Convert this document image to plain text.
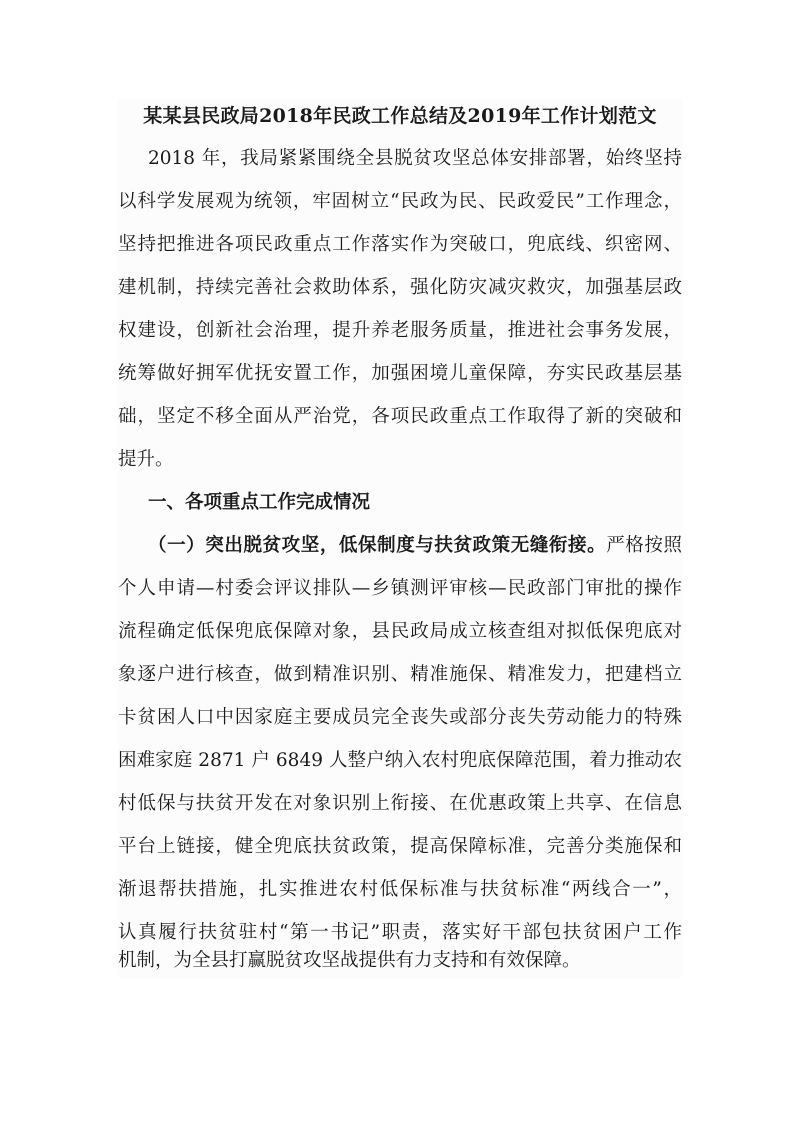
某某县民政局2018年民政工作总结及2019年工作计划范文
2018 年，我局紧紧围绕全县脱贫攻坚总体安排部署，始终坚持
以科学发展观为统领，牢固树立“民政为民、民政爱民”工作理念，
坚持把推进各项民政重点工作落实作为突破口，兜底线、织密网、
建机制，持续完善社会救助体系，强化防灾减灾救灾，加强基层政
权建设，创新社会治理，提升养老服务质量，推进社会事务发展，
统筹做好拥军优抚安置工作，加强困境儿童保障，夯实民政基层基
础，坚定不移全面从严治党，各项民政重点工作取得了新的突破和
提升。
一、各项重点工作完成情况
（一）突出脱贫攻坚，低保制度与扶贫政策无缝衔接。严格按照
个人申请—村委会评议排队—乡镇测评审核—民政部门审批的操作
流程确定低保兜底保障对象，县民政局成立核查组对拟低保兜底对
象逐户进行核查，做到精准识别、精准施保、精准发力，把建档立
卡贫困人口中因家庭主要成员完全丧失或部分丧失劳动能力的特殊
困难家庭 2871 户 6849 人整户纳入农村兜底保障范围，着力推动农
村低保与扶贫开发在对象识别上衔接、在优惠政策上共享、在信息
平台上链接，健全兜底扶贫政策，提高保障标准，完善分类施保和
渐退帮扶措施，扎实推进农村低保标准与扶贫标准“两线合一”，
认真履行扶贫驻村“第一书记”职责，落实好干部包扶贫困户工作
机制，为全县打赢脱贫攻坚战提供有力支持和有效保障。
